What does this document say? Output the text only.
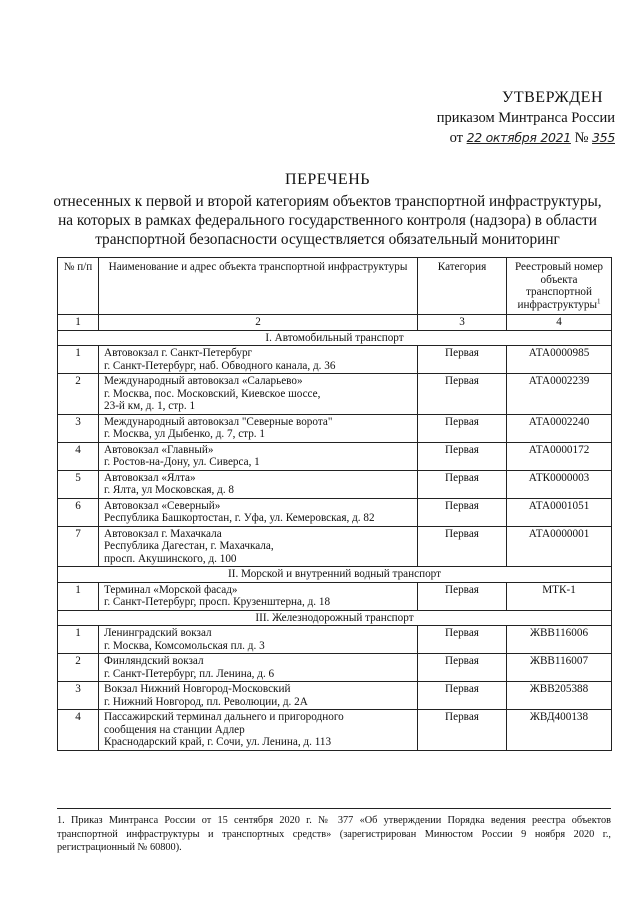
УТВЕРЖДЕН
приказом Минтранса России
от 22 октября 2021 № 355
ПЕРЕЧЕНЬ
отнесенных к первой и второй категориям объектов транспортной инфраструктуры,
на которых в рамках федерального государственного контроля (надзора) в области
транспортной безопасности осуществляется обязательный мониторинг
№ п/п	Наименование и адрес объекта транспортной инфраструктуры	Категория	Реестровый номер объекта транспортной инфраструктуры$^1$
1	2	3	4
I. Автомобильный транспорт			
1	Автовокзал г. Санкт-Петербург
г. Санкт-Петербург, наб. Обводного канала, д. 36	Первая	АТА0000985
2	Международный автовокзал «Саларьево»
г. Москва, пос. Московский, Киевское шоссе,
23-й км, д. 1, стр. 1	Первая	АТА0002239
3	Международный автовокзал "Северные ворота"
г. Москва, ул Дыбенко, д. 7, стр. 1	Первая	АТА0002240
4	Автовокзал «Главный»
г. Ростов-на-Дону, ул. Сиверса, 1	Первая	АТА0000172
5	Автовокзал «Ялта»
г. Ялта, ул Московская, д. 8	Первая	АТК0000003
6	Автовокзал «Северный»
Республика Башкортостан, г. Уфа, ул. Кемеровская, д. 82	Первая	АТА0001051
7	Автовокзал г. Махачкала
Республика Дагестан, г. Махачкала,
просп. Акушинского, д. 100	Первая	АТА0000001
II. Морской и внутренний водный транспорт			
1	Терминал «Морской фасад»
г. Санкт-Петербург, просп. Крузенштерна, д. 18	Первая	МТК-1
III. Железнодорожный транспорт			
1	Ленинградский вокзал
г. Москва, Комсомольская пл. д. 3	Первая	ЖВВ116006
2	Финляндский вокзал
г. Санкт-Петербург, пл. Ленина, д. 6	Первая	ЖВВ116007
3	Вокзал Нижний Новгород-Московский
г. Нижний Новгород, пл. Революции, д. 2А	Первая	ЖВВ205388
4	Пассажирский терминал дальнего и пригородного
сообщения на станции Адлер
Краснодарский край, г. Сочи, ул. Ленина, д. 113	Первая	ЖВД400138
1. Приказ Минтранса России от 15 сентября 2020 г. № 377 «Об утверждении Порядка ведения реестра объектов транспортной инфраструктуры и транспортных средств» (зарегистрирован Минюстом России 9 ноября 2020 г., регистрационный № 60800).
